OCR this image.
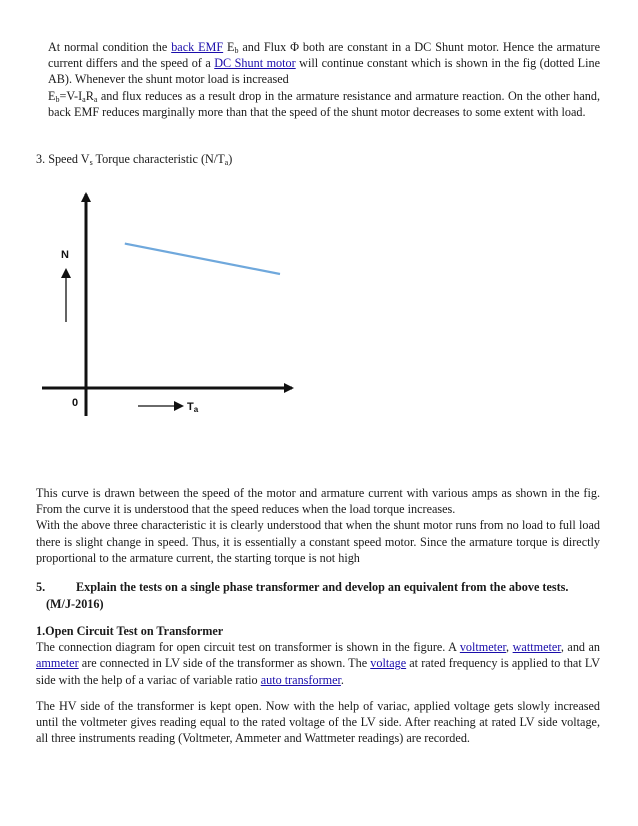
At normal condition the back EMF $E_b$ and Flux Φ both are constant in a DC Shunt motor. Hence the armature current differs and the speed of a DC Shunt motor will continue constant which is shown in the fig (dotted Line AB). Whenever the shunt motor load is increased

$E_b=V-I_aR_a$ and flux reduces as a result drop in the armature resistance and armature reaction. On the other hand, back EMF reduces marginally more than that the speed of the shunt motor decreases to some extent with load.

3. Speed $V_s$ Torque characteristic $(N/T_a)$
N
0	Ta

This curve is drawn between the speed of the motor and armature current with various amps as shown in the fig. From the curve it is understood that the speed reduces when the load torque increases.

With the above three characteristic it is clearly understood that when the shunt motor runs from no load to full load there is slight change in speed. Thus, it is essentially a constant speed motor. Since the armature torque is directly proportional to the armature current, the starting torque is not high

5.	Explain the tests on a single phase transformer and develop an equivalent from the above tests.
(M/J-2016)

1.Open Circuit Test on Transformer

The connection diagram for open circuit test on transformer is shown in the figure. A voltmeter, wattmeter, and an ammeter are connected in LV side of the transformer as shown. The voltage at rated frequency is applied to that LV side with the help of a variac of variable ratio auto transformer.

The HV side of the transformer is kept open. Now with the help of variac, applied voltage gets slowly increased until the voltmeter gives reading equal to the rated voltage of the LV side. After reaching at rated LV side voltage, all three instruments reading (Voltmeter, Ammeter and Wattmeter readings) are recorded.
